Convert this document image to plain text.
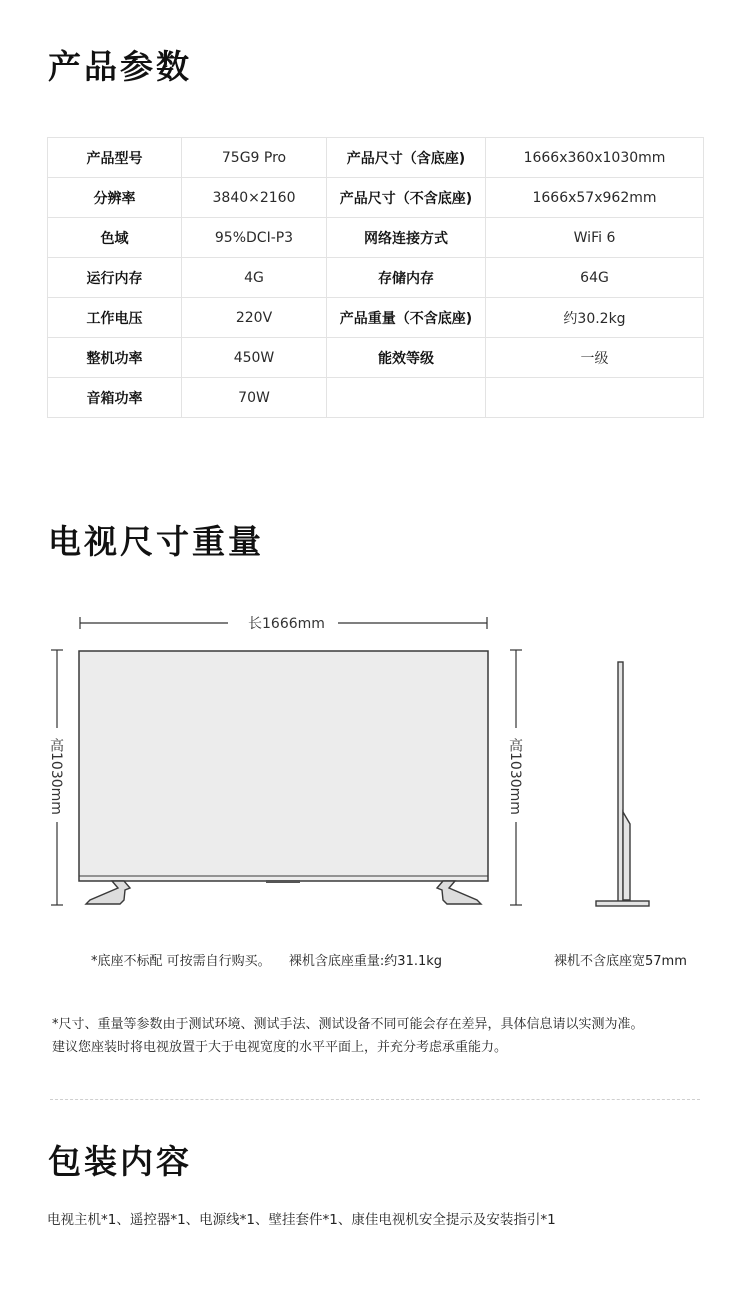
产品参数
产品型号	75G9 Pro	产品尺寸（含底座)	1666x360x1030mm
分辨率	3840×2160	产品尺寸（不含底座)	1666x57x962mm
色域	95%DCI-P3	网络连接方式	WiFi 6
运行内存	4G	存储内存	64G
工作电压	220V	产品重量（不含底座)	约30.2kg
整机功率	450W	能效等级	一级
音箱功率	70W		
电视尺寸重量
长1666mm
高1030mm	高1030mm

*底座不标配 可按需自行购买。 裸机含底座重量:约31.1kg	裸机不含底座宽57mm

*尺寸、重量等参数由于测试环境、测试手法、测试设备不同可能会存在差异，具体信息请以实测为准。

建议您座装时将电视放置于大于电视宽度的水平平面上，并充分考虑承重能力。

包装内容

电视主机*1、遥控器*1、电源线*1、壁挂套件*1、康佳电视机安全提示及安装指引*1
